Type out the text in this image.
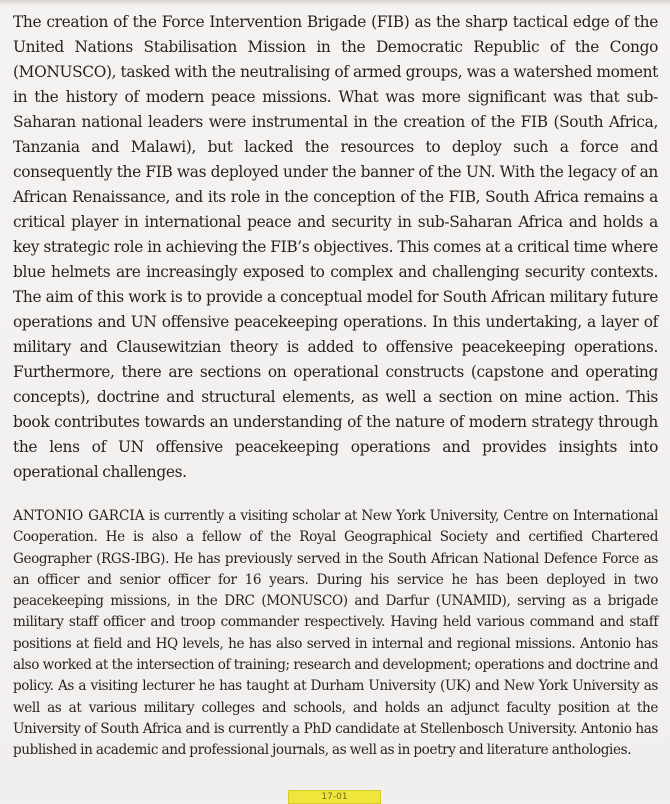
The creation of the Force Intervention Brigade (FIB) as the sharp tactical edge of the United Nations Stabilisation Mission in the Democratic Republic of the Congo (MONUSCO), tasked with the neutralising of armed groups, was a watershed moment in the history of modern peace missions. What was more significant was that sub-Saharan national leaders were instrumental in the creation of the FIB (South Africa, Tanzania and Malawi), but lacked the resources to deploy such a force and consequently the FIB was deployed under the banner of the UN. With the legacy of an African Renaissance, and its role in the conception of the FIB, South Africa remains a critical player in international peace and security in sub-Saharan Africa and holds a key strategic role in achieving the FIB’s objectives. This comes at a critical time where blue helmets are increasingly exposed to complex and challenging security contexts. The aim of this work is to provide a conceptual model for South African military future operations and UN offensive peacekeeping operations. In this undertaking, a layer of military and Clausewitzian theory is added to offensive peacekeeping operations. Furthermore, there are sections on operational constructs (capstone and operating concepts), doctrine and structural elements, as well a section on mine action. This book contributes towards an understanding of the nature of modern strategy through the lens of UN offensive peacekeeping operations and provides insights into operational challenges.

ANTONIO GARCIA is currently a visiting scholar at New York University, Centre on International Cooperation. He is also a fellow of the Royal Geographical Society and certified Chartered Geographer (RGS-IBG). He has previously served in the South African National Defence Force as an officer and senior officer for 16 years. During his service he has been deployed in two peacekeeping missions, in the DRC (MONUSCO) and Darfur (UNAMID), serving as a brigade military staff officer and troop commander respectively. Having held various command and staff positions at field and HQ levels, he has also served in internal and regional missions. Antonio has also worked at the intersection of training; research and development; operations and doctrine and policy. As a visiting lecturer he has taught at Durham University (UK) and New York University as well as at various military colleges and schools, and holds an adjunct faculty position at the University of South Africa and is currently a PhD candidate at Stellenbosch University. Antonio has published in academic and professional journals, as well as in poetry and literature anthologies.

17-01
